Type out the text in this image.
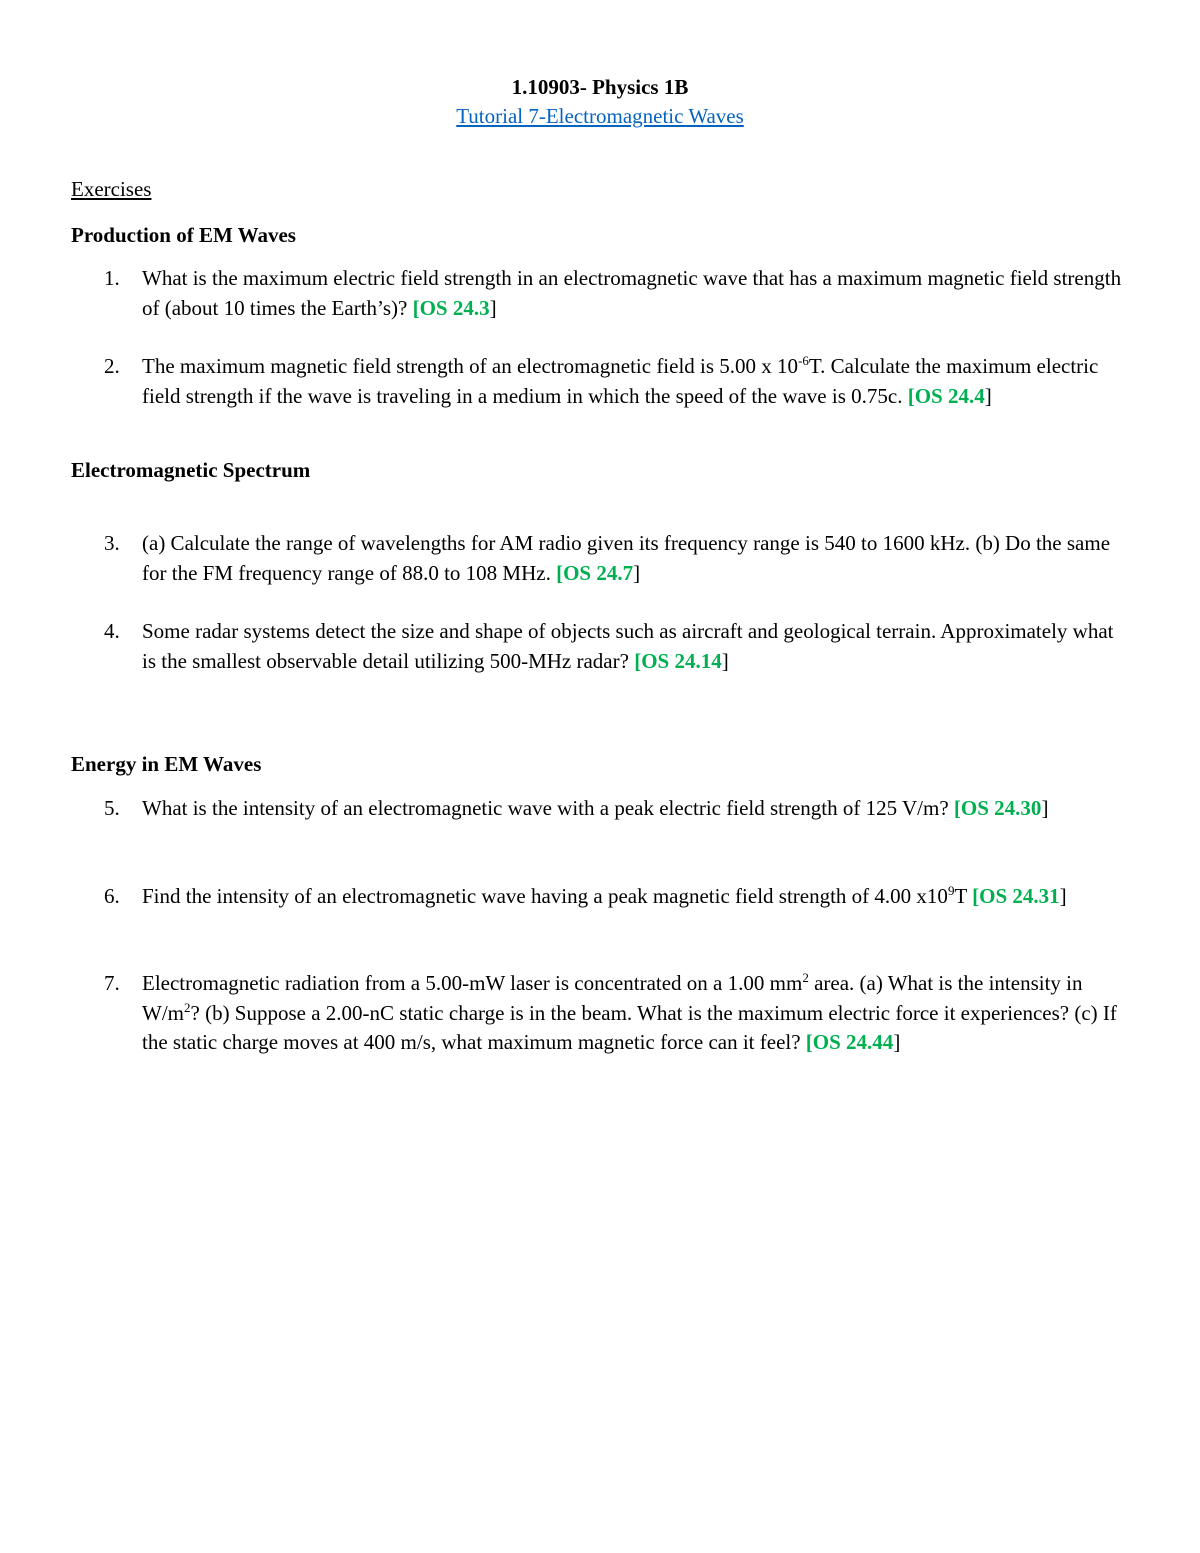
1.10903- Physics 1B
Tutorial 7-Electromagnetic Waves
Exercises
Production of EM Waves
1. What is the maximum electric field strength in an electromagnetic wave that has a maximum magnetic field strength of (about 10 times the Earth’s)? [OS 24.3]
2. The maximum magnetic field strength of an electromagnetic field is 5.00 x $10^{-6}T$. Calculate the maximum electric field strength if the wave is traveling in a medium in which the speed of the wave is 0.75c. [OS 24.4]
Electromagnetic Spectrum
3. (a) Calculate the range of wavelengths for AM radio given its frequency range is 540 to 1600 kHz. (b) Do the same for the FM frequency range of 88.0 to 108 MHz. [OS 24.7]
4. Some radar systems detect the size and shape of objects such as aircraft and geological terrain. Approximately what is the smallest observable detail utilizing 500-MHz radar? [OS 24.14]
Energy in EM Waves
5. What is the intensity of an electromagnetic wave with a peak electric field strength of 125 V/m? [OS 24.30]
6. Find the intensity of an electromagnetic wave having a peak magnetic field strength of 4.00 $x10^9T$ [OS 24.31]
7. Electromagnetic radiation from a 5.00-mW laser is concentrated on a 1.00 $mm^2$ area. (a) What is the intensity in $W/m^2$? (b) Suppose a 2.00-nC static charge is in the beam. What is the maximum electric force it experiences? (c) If the static charge moves at 400 m/s, what maximum magnetic force can it feel? [OS 24.44]
